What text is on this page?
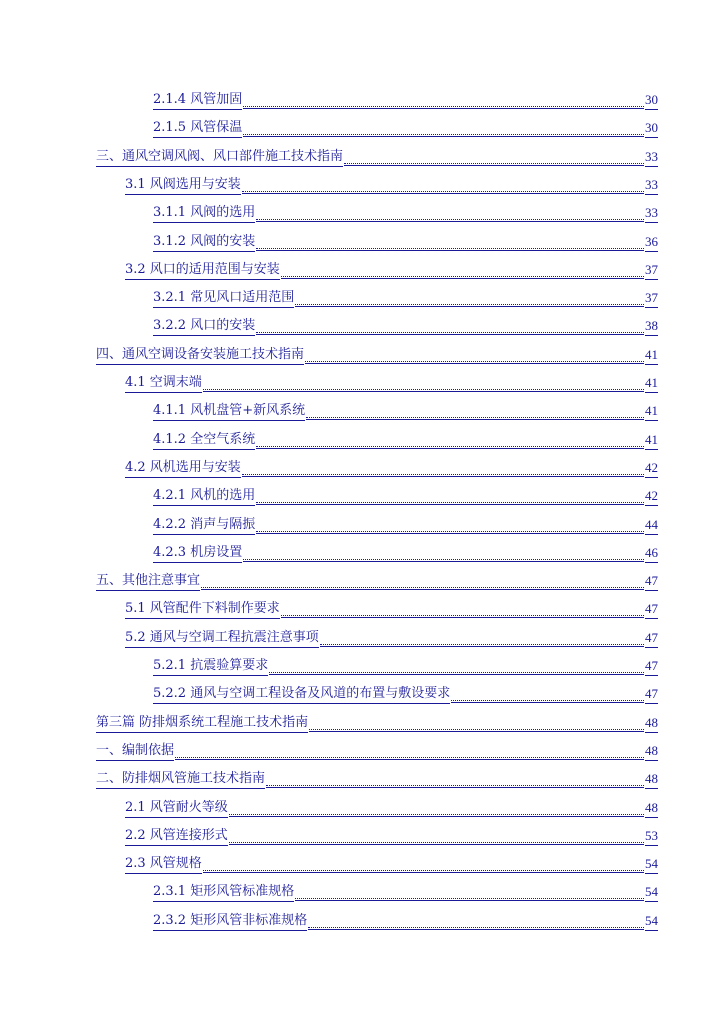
2.1.4 风管加固	30
2.1.5 风管保温	30
三、通风空调风阀、风口部件施工技术指南	33
3.1 风阀选用与安装	33
3.1.1 风阀的选用	33
3.1.2 风阀的安装	36
3.2 风口的适用范围与安装	37
3.2.1 常见风口适用范围	37
3.2.2 风口的安装	38
四、通风空调设备安装施工技术指南	41
4.1 空调末端	41
4.1.1 风机盘管+新风系统	41
4.1.2 全空气系统	41
4.2 风机选用与安装	42
4.2.1 风机的选用	42
4.2.2 消声与隔振	44
4.2.3 机房设置	46
五、其他注意事宜	47
5.1 风管配件下料制作要求	47
5.2 通风与空调工程抗震注意事项	47
5.2.1 抗震验算要求	47
5.2.2 通风与空调工程设备及风道的布置与敷设要求	47
第三篇 防排烟系统工程施工技术指南	48
一、编制依据	48
二、防排烟风管施工技术指南	48
2.1 风管耐火等级	48
2.2 风管连接形式	53
2.3 风管规格	54
2.3.1 矩形风管标准规格	54
2.3.2 矩形风管非标准规格	54
